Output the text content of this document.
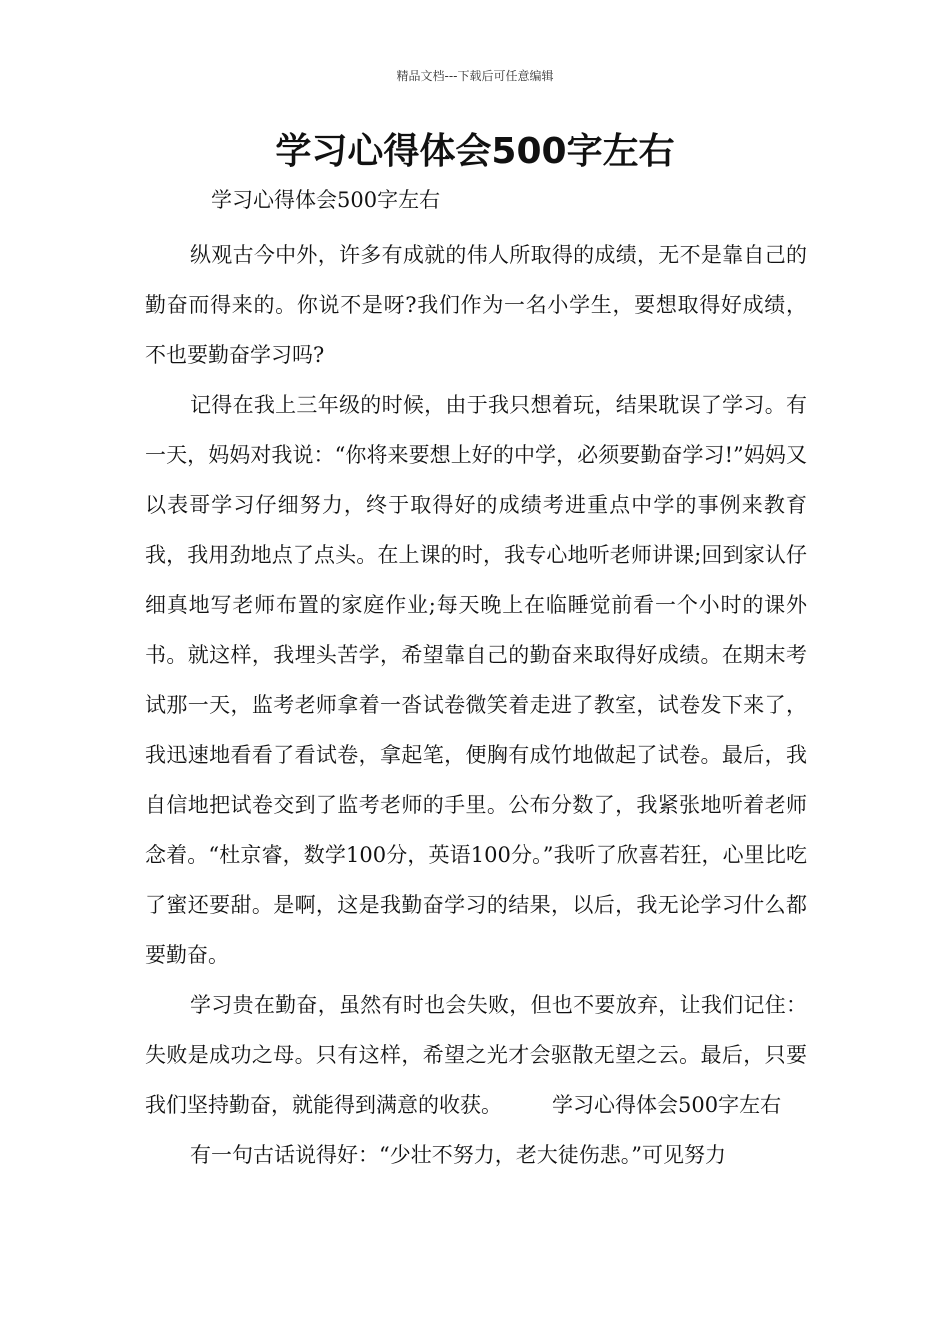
精品文档---下载后可任意编辑
学习心得体会500字左右

学习心得体会500字左右

纵观古今中外，许多有成就的伟人所取得的成绩，无不是靠自己的勤奋而得来的。你说不是呀?我们作为一名小学生，要想取得好成绩，不也要勤奋学习吗?

记得在我上三年级的时候，由于我只想着玩，结果耽误了学习。有一天，妈妈对我说：“你将来要想上好的中学，必须要勤奋学习!”妈妈又以表哥学习仔细努力，终于取得好的成绩考进重点中学的事例来教育我，我用劲地点了点头。在上课的时，我专心地听老师讲课;回到家认仔细真地写老师布置的家庭作业;每天晚上在临睡觉前看一个小时的课外书。就这样，我埋头苦学，希望靠自己的勤奋来取得好成绩。在期末考试那一天，监考老师拿着一沓试卷微笑着走进了教室，试卷发下来了，我迅速地看看了看试卷，拿起笔，便胸有成竹地做起了试卷。最后，我自信地把试卷交到了监考老师的手里。公布分数了，我紧张地听着老师念着。“杜京睿，数学100分，英语100分。”我听了欣喜若狂，心里比吃了蜜还要甜。是啊，这是我勤奋学习的结果，以后，我无论学习什么都要勤奋。

学习贵在勤奋，虽然有时也会失败，但也不要放弃，让我们记住：失败是成功之母。只有这样，希望之光才会驱散无望之云。最后，只要我们坚持勤奋，就能得到满意的收获。 学习心得体会500字左右

有一句古话说得好：“少壮不努力，老大徒伤悲。”可见努力
